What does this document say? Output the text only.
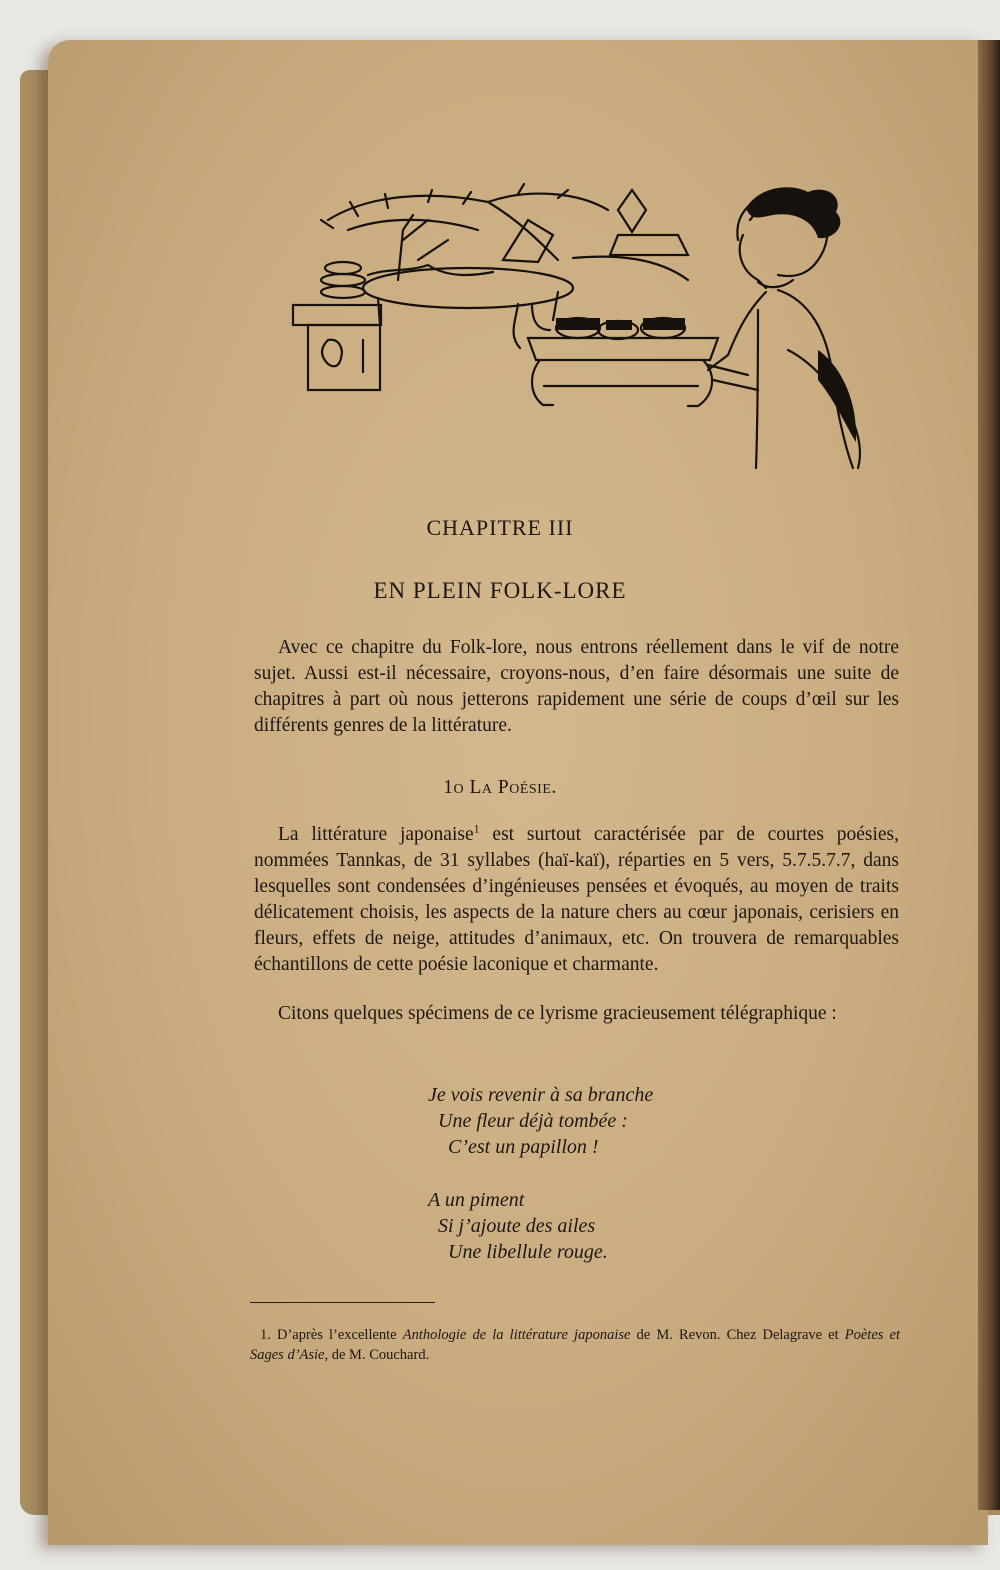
CHAPITRE III
EN PLEIN FOLK-LORE
Avec ce chapitre du Folk-lore, nous entrons réellement dans le vif de notre sujet. Aussi est-il nécessaire, croyons-nous, d’en faire désormais une suite de chapitres à part où nous jetterons rapidement une série de coups d’œil sur les différents genres de la littérature.
1o La Poésie.
La littérature japonaise$^1$ est surtout caractérisée par de courtes poésies, nommées Tannkas, de 31 syllabes (haï-kaï), réparties en 5 vers, 5.7.5.7.7, dans lesquelles sont condensées d’ingénieuses pensées et évoqués, au moyen de traits délicatement choisis, les aspects de la nature chers au cœur japonais, cerisiers en fleurs, effets de neige, attitudes d’animaux, etc. On trouvera de remarquables échantillons de cette poésie laconique et charmante.
Citons quelques spécimens de ce lyrisme gracieusement télégraphique :
Je vois revenir à sa branche
Une fleur déjà tombée :
C’est un papillon !
A un piment
Si j’ajoute des ailes
Une libellule rouge.
1. D’après l’excellente Anthologie de la littérature japonaise de M. Revon. Chez Delagrave et Poètes et Sages d’Asie, de M. Couchard.
